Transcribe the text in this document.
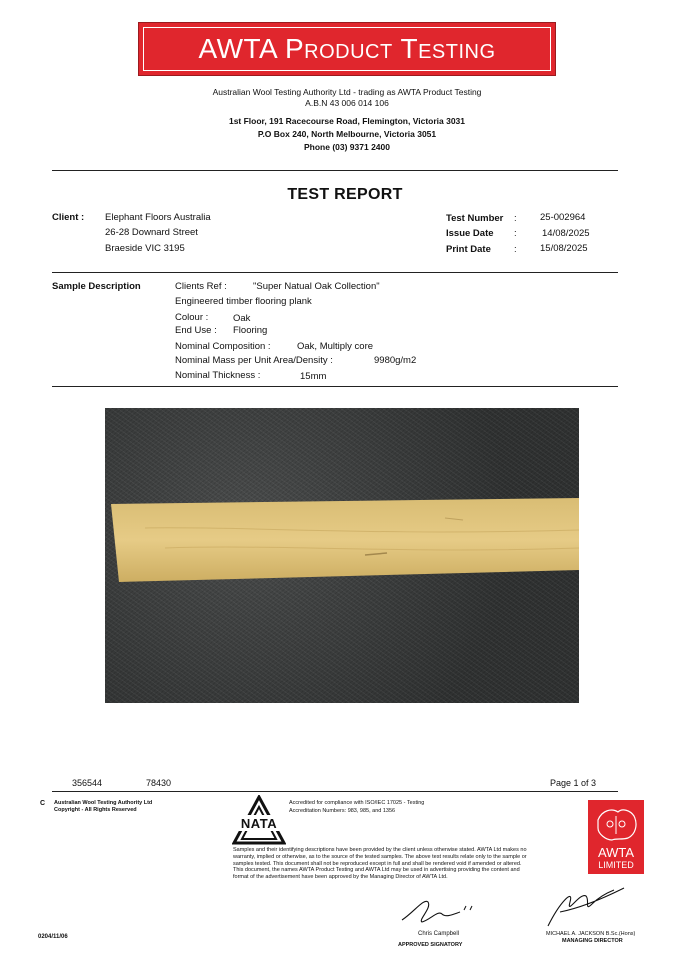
AWTA Product Testing
Australian Wool Testing Authority Ltd - trading as AWTA Product Testing
A.B.N 43 006 014 106
1st Floor, 191 Racecourse Road, Flemington, Victoria 3031
P.O Box 240, North Melbourne, Victoria 3051
Phone (03) 9371 2400
TEST REPORT
Client : Elephant Floors Australia
26-28 Downard Street
Braeside VIC 3195
Test Number : 25-002964
Issue Date :	14/08/2025
Print Date : 15/08/2025
Sample Description	Clients Ref :	"Super Natual Oak Collection"
Engineered timber flooring plank
Colour :	Oak
End Use : Flooring
Nominal Composition :	Oak, Multiply core
Nominal Mass per Unit Area/Density :	9980g/m2
Nominal Thickness :	15mm
356544	78430	Page 1 of 3
C	Australian Wool Testing Authority Ltd
Copyright - All Rights Reserved
NATA
Accredited for compliance with ISO/IEC 17025 - Testing
Accreditation Numbers: 983, 985, and 1356
Samples and their identifying descriptions have been provided by the client unless otherwise stated. AWTA Ltd makes no warranty, implied or otherwise, as to the source of the tested samples. The above test results relate only to the sample or samples tested. This document shall not be reproduced except in full and shall be rendered void if amended or altered. This document, the names AWTA Product Testing and AWTA Ltd may be used in advertising providing the content and format of the advertisement have been approved by the Managing Director of AWTA Ltd.
AWTA
LIMITED
Chris Campbell
APPROVED SIGNATORY
MICHAEL A. JACKSON B.Sc.(Hons)
MANAGING DIRECTOR
0204/11/06
